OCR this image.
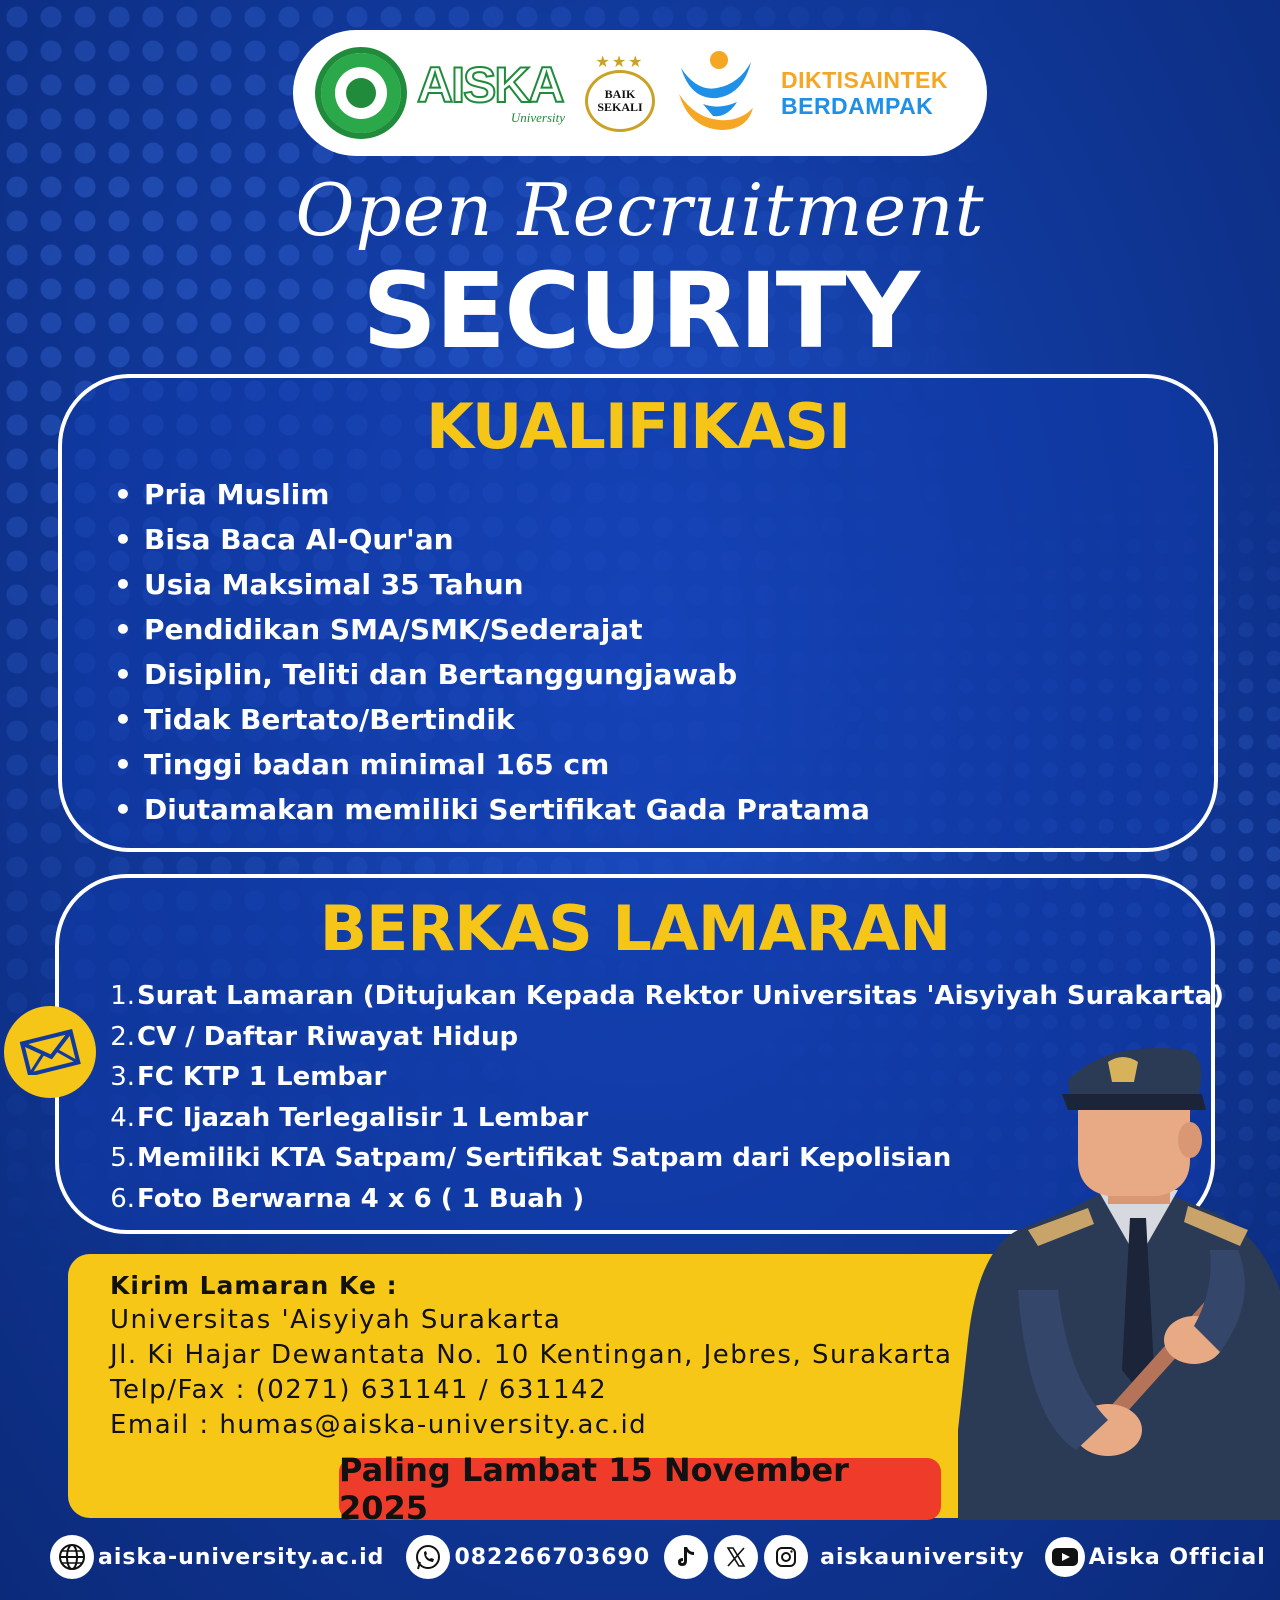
AISKA
University
★★★
BAIK
SEKALI
DIKTISAINTEK
BERDAMPAK
Open Recruitment
SECURITY
KUALIFIKASI
• Pria Muslim
• Bisa Baca Al-Qur'an
• Usia Maksimal 35 Tahun
• Pendidikan SMA/SMK/Sederajat
• Disiplin, Teliti dan Bertanggungjawab
• Tidak Bertato/Bertindik
• Tinggi badan minimal 165 cm
• Diutamakan memiliki Sertifikat Gada Pratama
BERKAS LAMARAN
1.Surat Lamaran (Ditujukan Kepada Rektor Universitas 'Aisyiyah Surakarta)
2.CV / Daftar Riwayat Hidup
3.FC KTP 1 Lembar
4.FC Ijazah Terlegalisir 1 Lembar
5.Memiliki KTA Satpam/ Sertifikat Satpam dari Kepolisian
6.Foto Berwarna 4 x 6 ( 1 Buah )
Kirim Lamaran Ke :
Universitas 'Aisyiyah Surakarta
Jl. Ki Hajar Dewantata No. 10 Kentingan, Jebres, Surakarta
Telp/Fax : (0271) 631141 / 631142
Email : humas@aiska-university.ac.id
Paling Lambat 15 November 2025
aiska-university.ac.id	082266703690	aiskauniversity	Aiska Official
